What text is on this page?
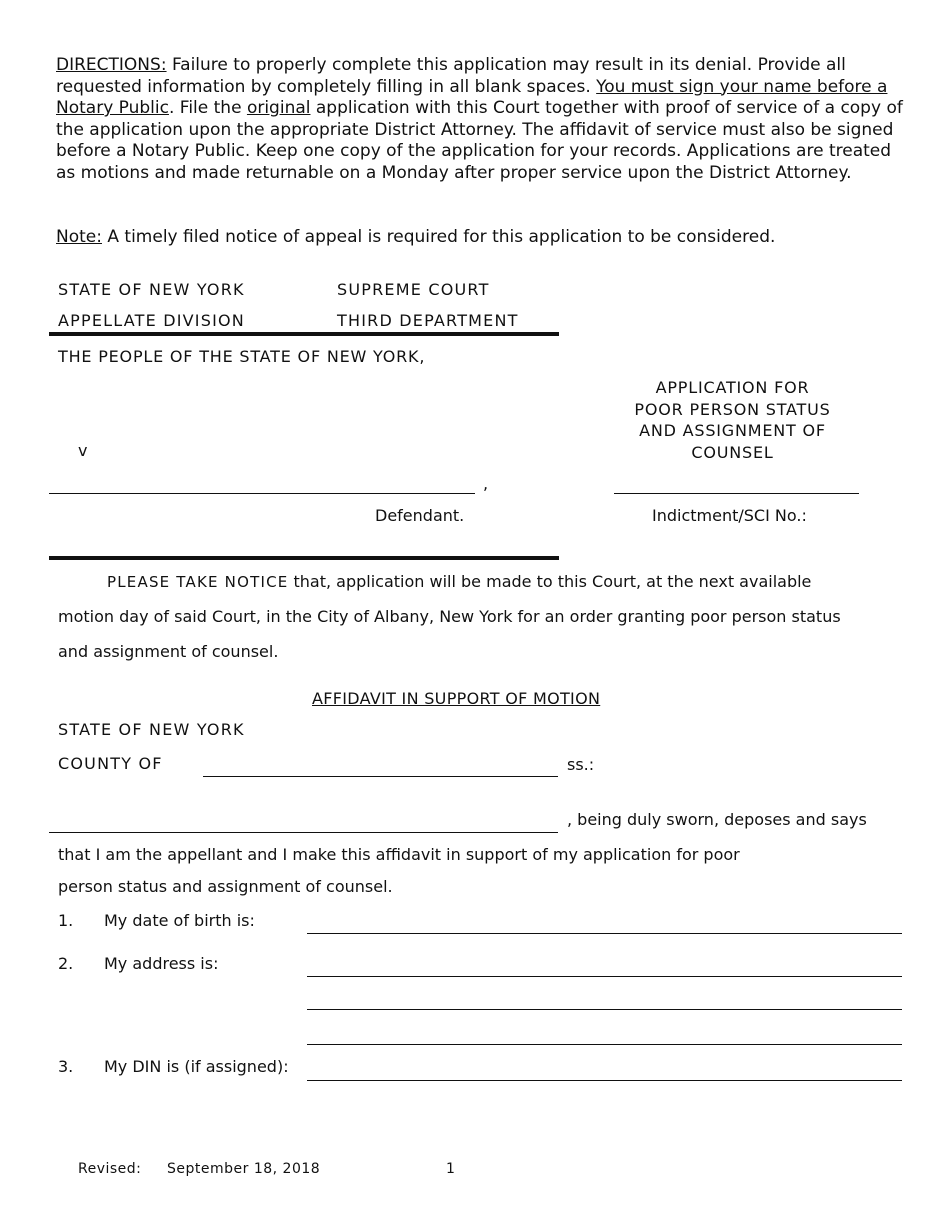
DIRECTIONS: Failure to properly complete this application may result in its denial. Provide all requested information by completely filling in all blank spaces. You must sign your name before a Notary Public. File the original application with this Court together with proof of service of a copy of the application upon the appropriate District Attorney. The affidavit of service must also be signed before a Notary Public. Keep one copy of the application for your records. Applications are treated as motions and made returnable on a Monday after proper service upon the District Attorney.
Note: A timely filed notice of appeal is required for this application to be considered.
STATE OF NEW YORK	SUPREME COURT
APPELLATE DIVISION	THIRD DEPARTMENT
THE PEOPLE OF THE STATE OF NEW YORK,
v
,
Defendant.
APPLICATION FOR
POOR PERSON STATUS
AND ASSIGNMENT OF
COUNSEL
Indictment/SCI No.:
PLEASE TAKE NOTICE that, application will be made to this Court, at the next available
motion day of said Court, in the City of Albany, New York for an order granting poor person status
and assignment of counsel.
AFFIDAVIT IN SUPPORT OF MOTION
STATE OF NEW YORK
COUNTY OF	ss.:
, being duly sworn, deposes and says
that I am the appellant and I make this affidavit in support of my application for poor
person status and assignment of counsel.
1. My date of birth is:
2. My address is:
3. My DIN is (if assigned):
Revised: September 18, 2018	1
